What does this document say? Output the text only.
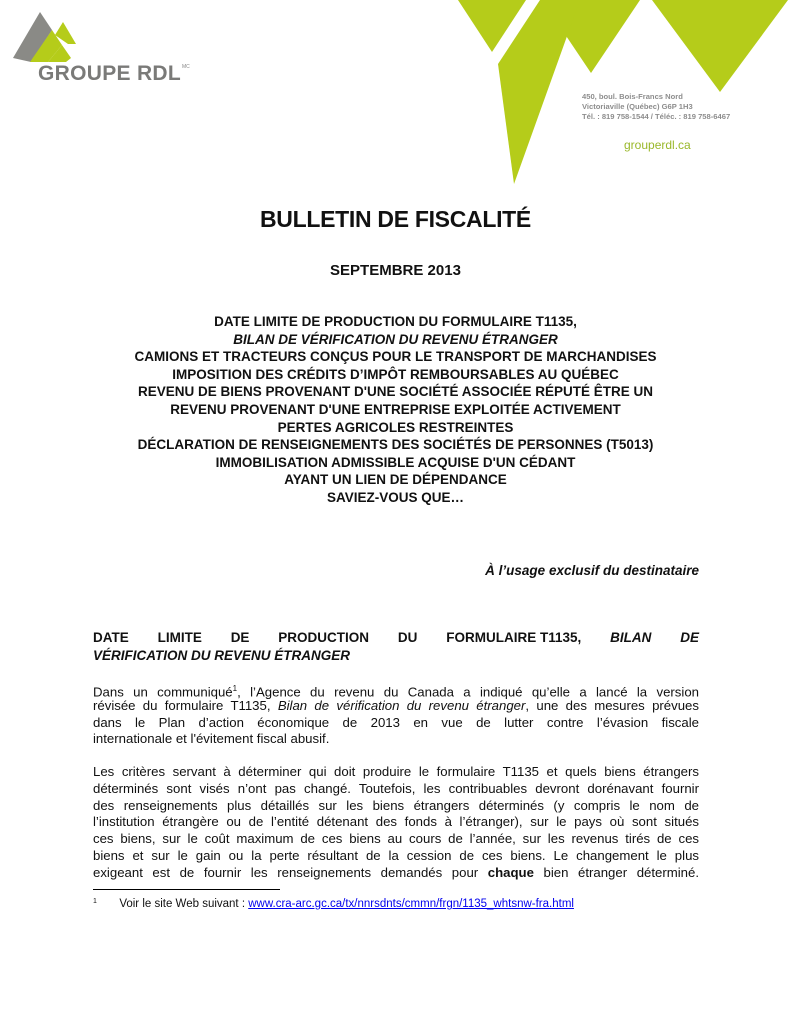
GROUPE RDL MC
450, boul. Bois-Francs Nord
Victoriaville (Québec) G6P 1H3
Tél. : 819 758-1544 / Téléc. : 819 758-6467
grouperdl.ca
BULLETIN DE FISCALITÉ
SEPTEMBRE 2013
DATE LIMITE DE PRODUCTION DU FORMULAIRE T1135,
BILAN DE VÉRIFICATION DU REVENU ÉTRANGER
CAMIONS ET TRACTEURS CONÇUS POUR LE TRANSPORT DE MARCHANDISES
IMPOSITION DES CRÉDITS D’IMPÔT REMBOURSABLES AU QUÉBEC
REVENU DE BIENS PROVENANT D'UNE SOCIÉTÉ ASSOCIÉE RÉPUTÉ ÊTRE UN
REVENU PROVENANT D'UNE ENTREPRISE EXPLOITÉE ACTIVEMENT
PERTES AGRICOLES RESTREINTES
DÉCLARATION DE RENSEIGNEMENTS DES SOCIÉTÉS DE PERSONNES (T5013)
IMMOBILISATION ADMISSIBLE ACQUISE D'UN CÉDANT
AYANT UN LIEN DE DÉPENDANCE
SAVIEZ-VOUS QUE…
À l’usage exclusif du destinataire
DATE LIMITE DE PRODUCTION DU FORMULAIRE T1135, BILAN DE
VÉRIFICATION DU REVENU ÉTRANGER
Dans un communiqué$^1$, l’Agence du revenu du Canada a indiqué qu’elle a lancé la version
révisée du formulaire T1135, Bilan de vérification du revenu étranger, une des mesures prévues
dans le Plan d’action économique de 2013 en vue de lutter contre l’évasion fiscale
internationale et l'évitement fiscal abusif.
Les critères servant à déterminer qui doit produire le formulaire T1135 et quels biens étrangers
déterminés sont visés n’ont pas changé. Toutefois, les contribuables devront dorénavant fournir
des renseignements plus détaillés sur les biens étrangers déterminés (y compris le nom de
l’institution étrangère ou de l’entité détenant des fonds à l’étranger), sur le pays où sont situés
ces biens, sur le coût maximum de ces biens au cours de l’année, sur les revenus tirés de ces
biens et sur le gain ou la perte résultant de la cession de ces biens. Le changement le plus
exigeant est de fournir les renseignements demandés pour chaque bien étranger déterminé.
$^1$ Voir le site Web suivant : www.cra-arc.gc.ca/tx/nnrsdnts/cmmn/frgn/1135_whtsnw-fra.html
